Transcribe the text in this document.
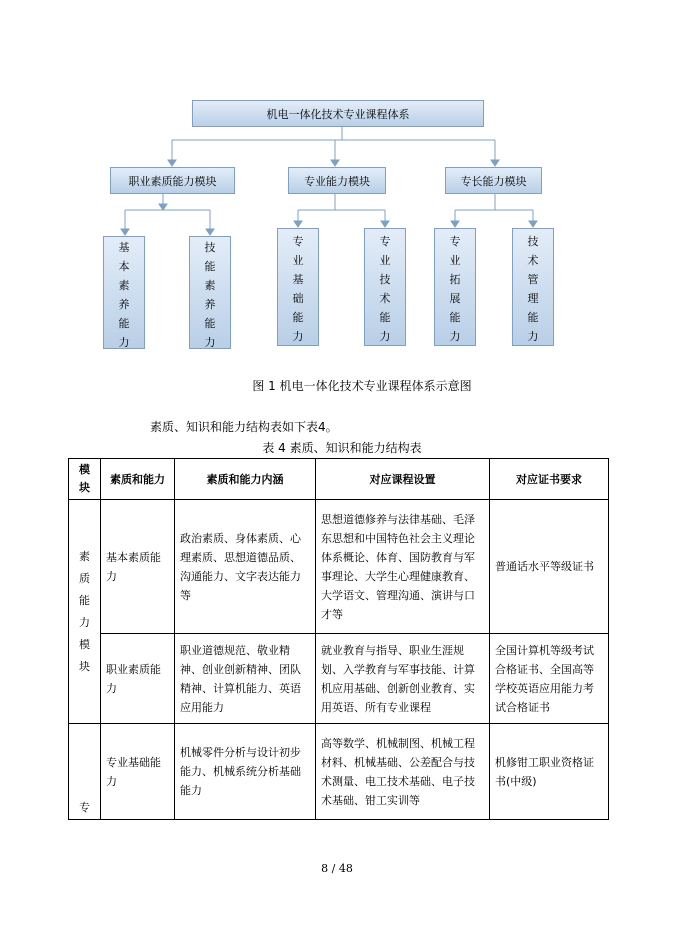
机电一体化技术专业课程体系
职业素质能力模块	专业能力模块	专长能力模块
基本素养能力
技能素养能力
专业基础能力
专业技术能力
专业拓展能力
技术管理能力
图 1 机电一体化技术专业课程体系示意图
素质、知识和能力结构表如下表4。
表 4 素质、知识和能力结构表
模块	素质和能力	素质和能力内涵	对应课程设置	对应证书要求

素质能力模块	基本素质能力	政治素质、身体素质、心理素质、思想道德品质、沟通能力、文字表达能力等	思想道德修养与法律基础、毛泽东思想和中国特色社会主义理论体系概论、体育、国防教育与军事理论、大学生心理健康教育、大学语文、管理沟通、演讲与口才等	普通话水平等级证书
	职业素质能力	职业道德规范、敬业精神、创业创新精神、团队精神、计算机能力、英语应用能力	就业教育与指导、职业生涯规划、入学教育与军事技能、计算机应用基础、创新创业教育、实用英语、所有专业课程	全国计算机等级考试合格证书、全国高等学校英语应用能力考试合格证书

专	专业基础能力	机械零件分析与设计初步能力、机械系统分析基础能力	高等数学、机械制图、机械工程材料、机械基础、公差配合与技术测量、电工技术基础、电子技术基础、钳工实训等	机修钳工职业资格证书(中级)
8 / 48
